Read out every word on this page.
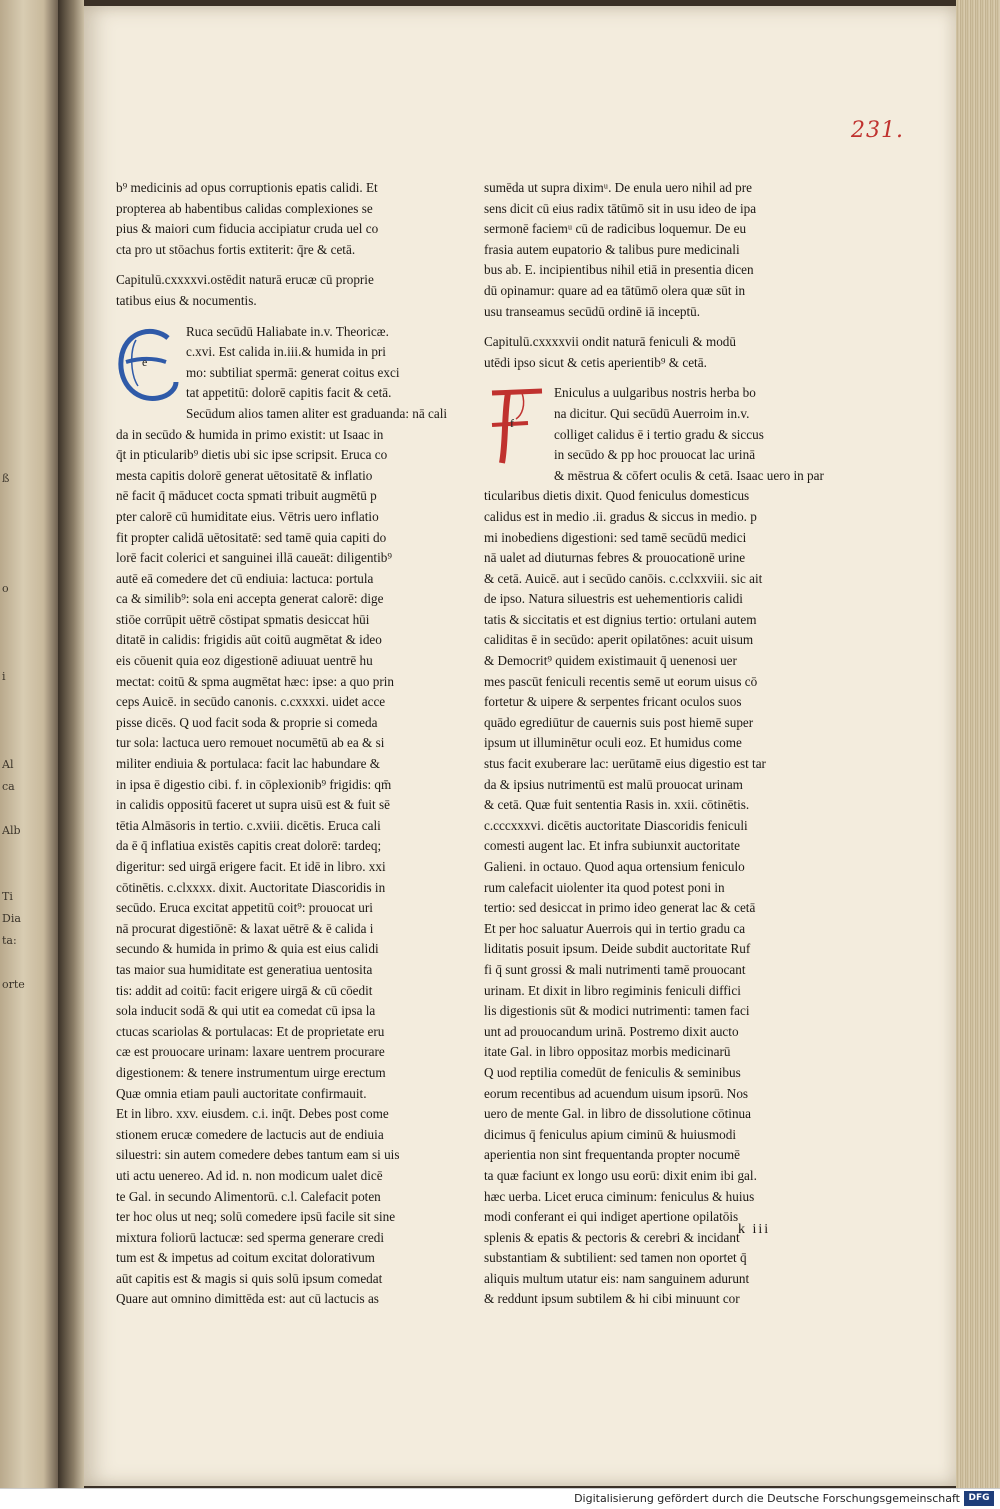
ß
o
i
Al
ca
Alb
Ti
Dia
ta:
orte
231.
b⁹ medicinis ad opus corruptionis epatis calidi. Et
propterea ab habentibus calidas complexiones se
pius & maiori cum fiducia accipiatur cruda uel co
cta pro ut stōachus fortis extiterit: q̄re & cetā.
Capitulū.cxxxxvi.ostēdit naturā erucæ cū proprie
tatibus eius & nocumentis.
e
Ruca secūdū Haliabate in.v. Theoricæ.
c.xvi. Est calida in.iii.& humida in pri
mo: subtiliat spermā: generat coitus exci
tat appetitū: dolorē capitis facit & cetā.
Secūdum alios tamen aliter est graduanda: nā cali
da in secūdo & humida in primo existit: ut Isaac in
q̄t in pticularib⁹ dietis ubi sic ipse scripsit. Eruca co
mesta capitis dolorē generat uētositatē & inflatio
nē facit q̄ māducet cocta spmati tribuit augmētū p
pter calorē cū humiditate eius. Vētris uero inflatio
fit propter calidā uētositatē: sed tamē quia capiti do
lorē facit colerici et sanguinei illā caueāt: diligentib⁹
autē eā comedere det cū endiuia: lactuca: portula
ca & similib⁹: sola eni accepta generat calorē: dige
stiōe corrūpit uētrē cōstipat spmatis desiccat hūi
ditatē in calidis: frigidis aūt coitū augmētat & ideo
eis cōuenit quia eoz digestionē adiuuat uentrē hu
mectat: coitū & spma augmētat hæc: ipse: a quo prin
ceps Auicē. in secūdo canonis. c.cxxxxi. uidet acce
pisse dicēs. Q uod facit soda & proprie si comeda
tur sola: lactuca uero remouet nocumētū ab ea & si
militer endiuia & portulaca: facit lac habundare &
in ipsa ē digestio cibi. f. in cōplexionib⁹ frigidis: qm̄
in calidis oppositū faceret ut supra uisū est & fuit sē
tētia Almāsoris in tertio. c.xviii. dicētis. Eruca cali
da ē q̄ inflatiua existēs capitis creat dolorē: tardeq;
digeritur: sed uirgā erigere facit. Et idē in libro. xxi
cōtinētis. c.clxxxx. dixit. Auctoritate Diascoridis in
secūdo. Eruca excitat appetitū coit⁹: prouocat uri
nā procurat digestiōnē: & laxat uētrē & ē calida i
secundo & humida in primo & quia est eius calidi
tas maior sua humiditate est generatiua uentosita
tis: addit ad coitū: facit erigere uirgā & cū cōedit
sola inducit sodā & qui utit ea comedat cū ipsa la
ctucas scariolas & portulacas: Et de proprietate eru
cæ est prouocare urinam: laxare uentrem procurare
digestionem: & tenere instrumentum uirge erectum
Quæ omnia etiam pauli auctoritate confirmauit.
Et in libro. xxv. eiusdem. c.i. inq̄t. Debes post come
stionem erucæ comedere de lactucis aut de endiuia
siluestri: sin autem comedere debes tantum eam si uis
uti actu uenereo. Ad id. n. non modicum ualet dicē
te Gal. in secundo Alimentorū. c.l. Calefacit poten
ter hoc olus ut neq; solū comedere ipsū facile sit sine
mixtura foliorū lactucæ: sed sperma generare credi
tum est & impetus ad coitum excitat dolorativum
aūt capitis est & magis si quis solū ipsum comedat
Quare aut omnino dimittēda est: aut cū lactucis as
sumēda ut supra diximᵘ. De enula uero nihil ad pre
sens dicit cū eius radix tātūmō sit in usu ideo de ipa
sermonē faciemᵘ cū de radicibus loquemur. De eu
frasia autem eupatorio & talibus pure medicinali
bus ab. E. incipientibus nihil etiā in presentia dicen
dū opinamur: quare ad ea tātūmō olera quæ sūt in
usu transeamus secūdū ordinē iā inceptū.
Capitulū.cxxxxvii ondit naturā feniculi & modū
utēdi ipso sicut & cetis aperientib⁹ & cetā.
f
Eniculus a uulgaribus nostris herba bo
na dicitur. Qui secūdū Auerroim in.v.
colliget calidus ē i tertio gradu & siccus
in secūdo & pp hoc prouocat lac urinā
& mēstrua & cōfert oculis & cetā. Isaac uero in par
ticularibus dietis dixit. Quod feniculus domesticus
calidus est in medio .ii. gradus & siccus in medio. p
mi inobediens digestioni: sed tamē secūdū medici
nā ualet ad diuturnas febres & prouocationē urine
& cetā. Auicē. aut i secūdo canōis. c.cclxxviii. sic ait
de ipso. Natura siluestris est uehementioris calidi
tatis & siccitatis et est dignius tertio: ortulani autem
caliditas ē in secūdo: aperit opilatōnes: acuit uisum
& Democrit⁹ quidem existimauit q̄ uenenosi uer
mes pascūt feniculi recentis semē ut eorum uisus cō
fortetur & uipere & serpentes fricant oculos suos
quādo egrediūtur de cauernis suis post hiemē super
ipsum ut illuminētur oculi eoz. Et humidus come
stus facit exuberare lac: uerūtamē eius digestio est tar
da & ipsius nutrimentū est malū prouocat urinam
& cetā. Quæ fuit sententia Rasis in. xxii. cōtinētis.
c.cccxxxvi. dicētis auctoritate Diascoridis feniculi
comesti augent lac. Et infra subiunxit auctoritate
Galieni. in octauo. Quod aqua ortensium feniculo
rum calefacit uiolenter ita quod potest poni in
tertio: sed desiccat in primo ideo generat lac & cetā
Et per hoc saluatur Auerrois qui in tertio gradu ca
liditatis posuit ipsum. Deide subdit auctoritate Ruf
fi q̄ sunt grossi & mali nutrimenti tamē prouocant
urinam. Et dixit in libro regiminis feniculi diffici
lis digestionis sūt & modici nutrimenti: tamen faci
unt ad prouocandum urinā. Postremo dixit aucto
itate Gal. in libro oppositaz morbis medicinarū
Q uod reptilia comedūt de feniculis & seminibus
eorum recentibus ad acuendum uisum ipsorū. Nos
uero de mente Gal. in libro de dissolutione cōtinua
dicimus q̄ feniculus apium ciminū & huiusmodi
aperientia non sint frequentanda propter nocumē
ta quæ faciunt ex longo usu eorū: dixit enim ibi gal.
hæc uerba. Licet eruca ciminum: feniculus & huius
modi conferant ei qui indiget apertione opilatōis
splenis & epatis & pectoris & cerebri & incidant
substantiam & subtilient: sed tamen non oportet q̄
aliquis multum utatur eis: nam sanguinem adurunt
& reddunt ipsum subtilem & hi cibi minuunt cor
k iii
Digitalisierung gefördert durch die Deutsche Forschungsgemeinschaft DFG
